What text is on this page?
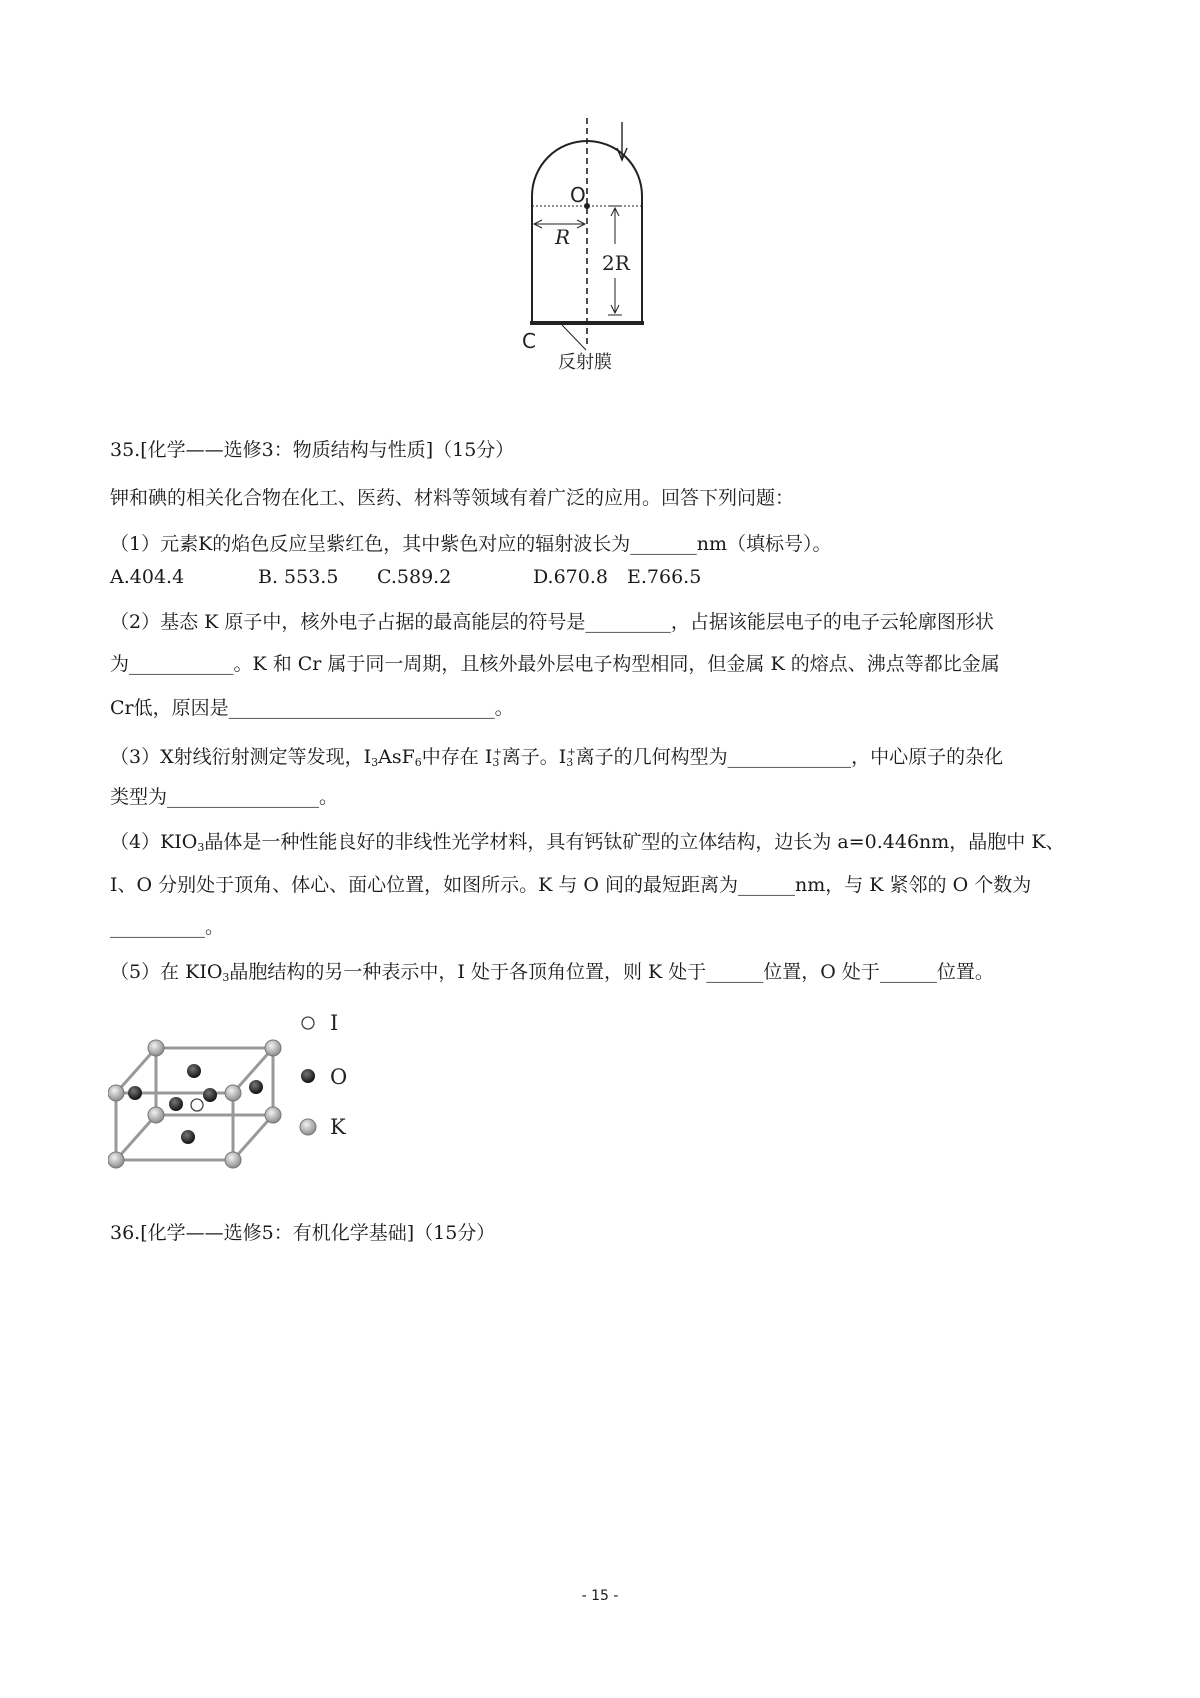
O
R
2R
C
反射膜
35.[化学——选修3：物质结构与性质]（15分）
钾和碘的相关化合物在化工、医药、材料等领域有着广泛的应用。回答下列问题：
（1）元素K的焰色反应呈紫红色，其中紫色对应的辐射波长为_______nm（填标号）。
A.404.4	B. 553.5 C.589.2	D.670.8 E.766.5
（2）基态 K 原子中，核外电子占据的最高能层的符号是_________，占据该能层电子的电子云轮廓图形状
为___________。K 和 Cr 属于同一周期，且核外最外层电子构型相同，但金属 K 的熔点、沸点等都比金属
Cr低，原因是____________________________。
（3）X射线衍射测定等发现，$I_3AsF_6$中存在 $I_3^+$离子。$I_3^+$离子的几何构型为_____________，中心原子的杂化
类型为________________。
$(4)KIO_3$晶体是一种性能良好的非线性光学材料，具有钙钛矿型的立体结构，边长为 a=0.446nm，晶胞中 K、
I、O 分别处于顶角、体心、面心位置，如图所示。K 与 O 间的最短距离为______nm，与 K 紧邻的 O 个数为
__________。
（5）在 $KIO_3$晶胞结构的另一种表示中，I 处于各顶角位置，则 K 处于______位置，O 处于______位置。
I
O
K
36.[化学——选修5：有机化学基础]（15分）
- 15 -
